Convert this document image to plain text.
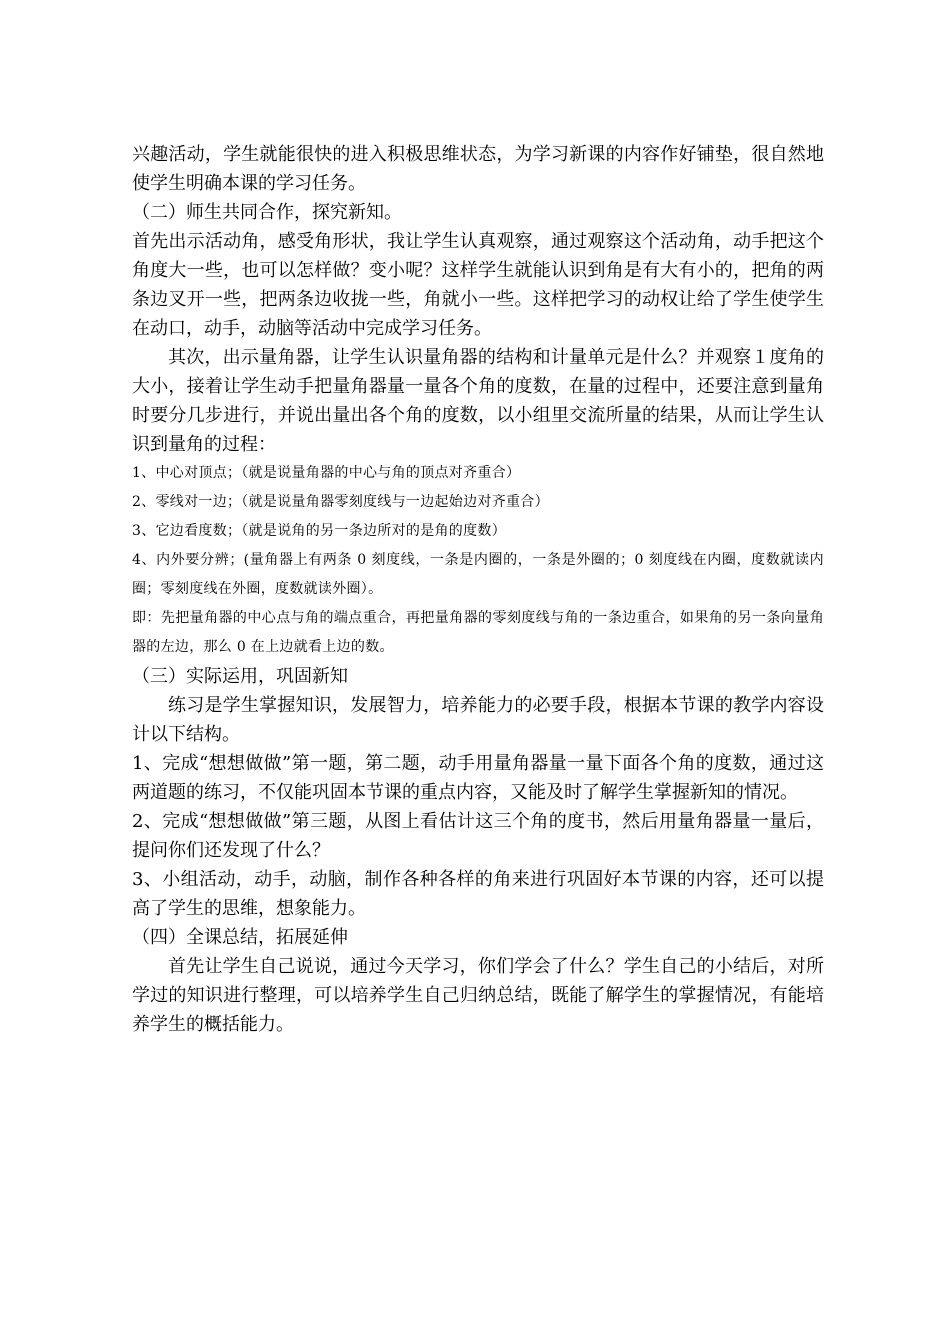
兴趣活动，学生就能很快的进入积极思维状态，为学习新课的内容作好铺垫，很自然地使学生明确本课的学习任务。

（二）师生共同合作，探究新知。

首先出示活动角，感受角形状，我让学生认真观察，通过观察这个活动角，动手把这个角度大一些，也可以怎样做？变小呢？这样学生就能认识到角是有大有小的，把角的两条边叉开一些，把两条边收拢一些，角就小一些。这样把学习的动权让给了学生使学生在动口，动手，动脑等活动中完成学习任务。

其次，出示量角器，让学生认识量角器的结构和计量单元是什么？并观察１度角的大小，接着让学生动手把量角器量一量各个角的度数，在量的过程中，还要注意到量角时要分几步进行，并说出量出各个角的度数，以小组里交流所量的结果，从而让学生认识到量角的过程：

1、中心对顶点；（就是说量角器的中心与角的顶点对齐重合）

2、零线对一边；（就是说量角器零刻度线与一边起始边对齐重合）

3、它边看度数；（就是说角的另一条边所对的是角的度数）

4、内外要分辨；(量角器上有两条 0 刻度线，一条是内圈的，一条是外圈的；0 刻度线在内圈，度数就读内圈；零刻度线在外圈，度数就读外圈）。

即：先把量角器的中心点与角的端点重合，再把量角器的零刻度线与角的一条边重合，如果角的另一条向量角器的左边，那么 0 在上边就看上边的数。

（三）实际运用，巩固新知

练习是学生掌握知识，发展智力，培养能力的必要手段，根据本节课的教学内容设计以下结构。

1、完成“想想做做”第一题，第二题，动手用量角器量一量下面各个角的度数，通过这两道题的练习，不仅能巩固本节课的重点内容，又能及时了解学生掌握新知的情况。

2、完成“想想做做”第三题，从图上看估计这三个角的度书，然后用量角器量一量后，提问你们还发现了什么？

3、小组活动，动手，动脑，制作各种各样的角来进行巩固好本节课的内容，还可以提高了学生的思维，想象能力。

（四）全课总结，拓展延伸

首先让学生自己说说，通过今天学习，你们学会了什么？学生自己的小结后，对所学过的知识进行整理，可以培养学生自己归纳总结，既能了解学生的掌握情况，有能培养学生的概括能力。
